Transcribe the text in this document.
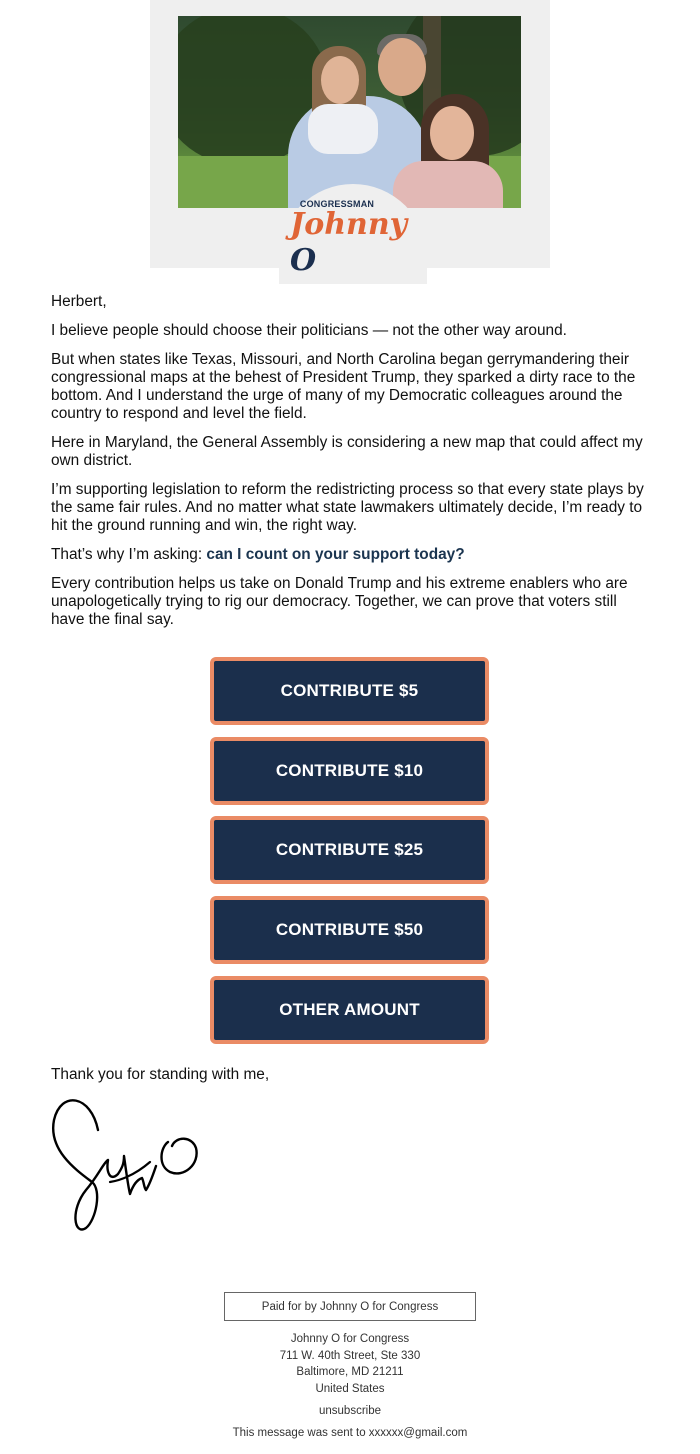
CONGRESSMAN
Johnny O

Herbert,

I believe people should choose their politicians — not the other way around.

But when states like Texas, Missouri, and North Carolina began gerrymandering their congressional maps at the behest of President Trump, they sparked a dirty race to the bottom. And I understand the urge of many of my Democratic colleagues around the country to respond and level the field.

Here in Maryland, the General Assembly is considering a new map that could affect my own district.

I’m supporting legislation to reform the redistricting process so that every state plays by the same fair rules. And no matter what state lawmakers ultimately decide, I’m ready to hit the ground running and win, the right way.

That’s why I’m asking: can I count on your support today?

Every contribution helps us take on Donald Trump and his extreme enablers who are unapologetically trying to rig our democracy. Together, we can prove that voters still have the final say.

CONTRIBUTE $5
CONTRIBUTE $10
CONTRIBUTE $25
CONTRIBUTE $50
OTHER AMOUNT
Thank you for standing with me,
Paid for by Johnny O for Congress
Johnny O for Congress
711 W. 40th Street, Ste 330
Baltimore, MD 21211
United States
unsubscribe
This message was sent to xxxxxx@gmail.com
